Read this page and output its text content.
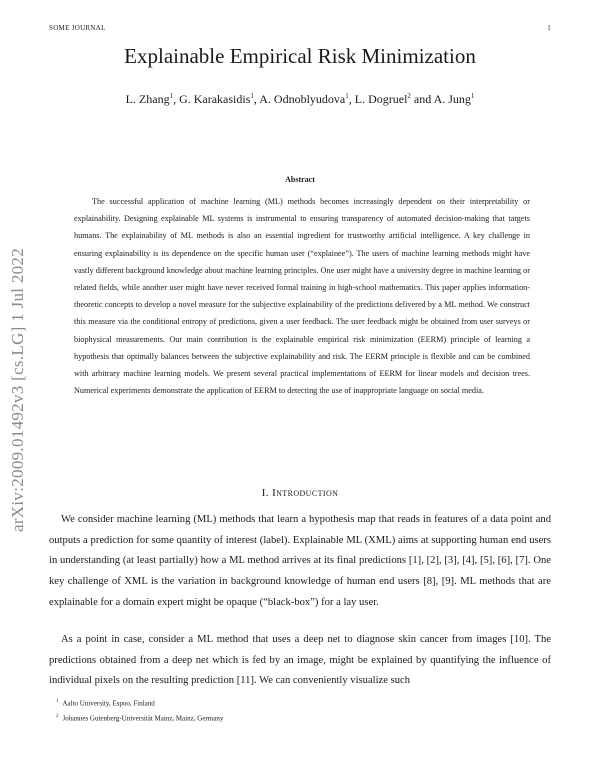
SOME JOURNAL	1
Explainable Empirical Risk Minimization
L. Zhang$^1$, G. Karakasidis$^1$, A. Odnoblyudova$^1$, L. Dogruel$^2$ and A. Jung$^1$
Abstract

The successful application of machine learning (ML) methods becomes increasingly dependent on their interpretability or explainability. Designing explainable ML systems is instrumental to ensuring transparency of automated decision-making that targets humans. The explainability of ML methods is also an essential ingredient for trustworthy artificial intelligence. A key challenge in ensuring explainability is its dependence on the specific human user (“explainee”). The users of machine learning methods might have vastly different background knowledge about machine learning principles. One user might have a university degree in machine learning or related fields, while another user might have never received formal training in high-school mathematics. This paper applies information-theoretic concepts to develop a novel measure for the subjective explainability of the predictions delivered by a ML method. We construct this measure via the conditional entropy of predictions, given a user feedback. The user feedback might be obtained from user surveys or biophysical measurements. Our main contribution is the explainable empirical risk minimization (EERM) principle of learning a hypothesis that optimally balances between the subjective explainability and risk. The EERM principle is flexible and can be combined with arbitrary machine learning models. We present several practical implementations of EERM for linear models and decision trees. Numerical experiments demonstrate the application of EERM to detecting the use of inappropriate language on social media.

arXiv:2009.01492v3 [cs.LG] 1 Jul 2022	I. Introduction

We consider machine learning (ML) methods that learn a hypothesis map that reads in features of a data point and outputs a prediction for some quantity of interest (label). Explainable ML (XML) aims at supporting human end users in understanding (at least partially) how a ML method arrives at its final predictions [1], [2], [3], [4], [5], [6], [7]. One key challenge of XML is the variation in background knowledge of human end users [8], [9]. ML methods that are explainable for a domain expert might be opaque (“black-box”) for a lay user.

As a point in case, consider a ML method that uses a deep net to diagnose skin cancer from images [10]. The predictions obtained from a deep net which is fed by an image, might be explained by quantifying the influence of individual pixels on the resulting prediction [11]. We can conveniently visualize such

$^1$ Aalto University, Espoo, Finland
$^2$ Johannes Gutenberg-Universität Mainz, Mainz, Germany
